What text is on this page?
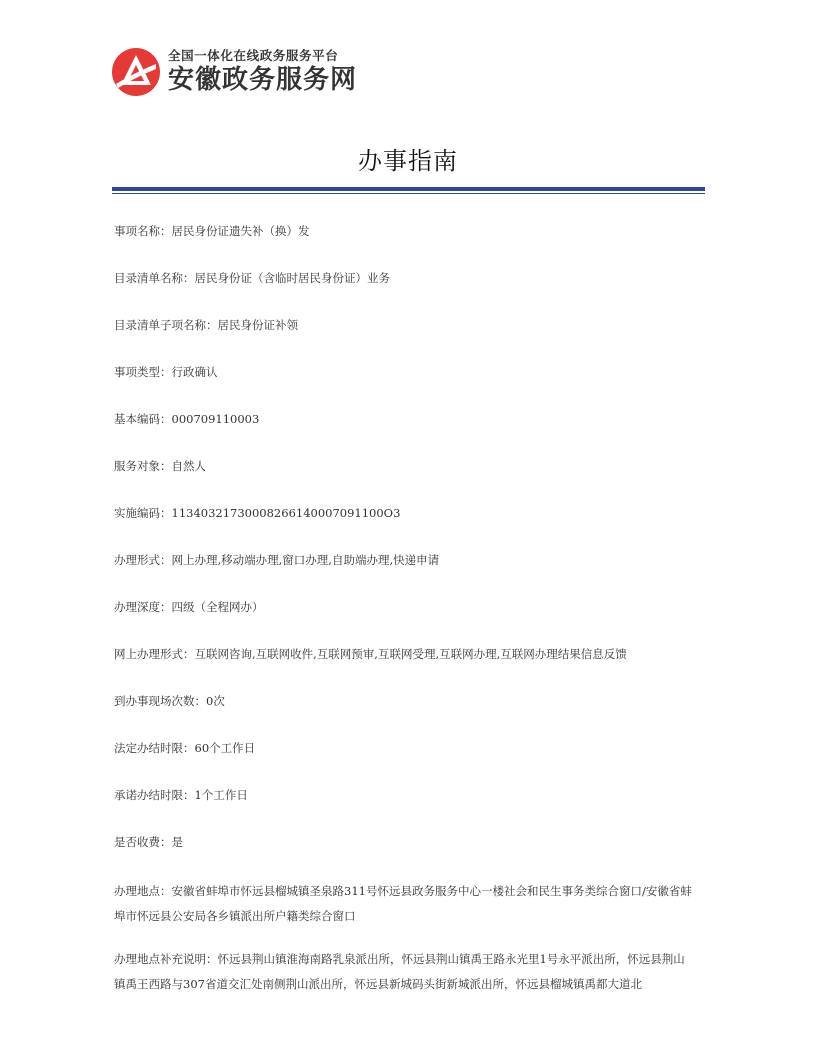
全国一体化在线政务服务平台
安徽政务服务网
办事指南
事项名称：居民身份证遗失补（换）发
目录清单名称：居民身份证（含临时居民身份证）业务
目录清单子项名称：居民身份证补领
事项类型：行政确认
基本编码：000709110003
服务对象：自然人
实施编码：11340321730008266140007091100O3
办理形式：网上办理,移动端办理,窗口办理,自助端办理,快递申请
办理深度：四级（全程网办）
网上办理形式：互联网咨询,互联网收件,互联网预审,互联网受理,互联网办理,互联网办理结果信息反馈
到办事现场次数：0次
法定办结时限：60个工作日
承诺办结时限：1个工作日
是否收费：是
办理地点：安徽省蚌埠市怀远县榴城镇圣泉路311号怀远县政务服务中心一楼社会和民生事务类综合窗口/安徽省蚌埠市怀远县公安局各乡镇派出所户籍类综合窗口
办理地点补充说明：怀远县荆山镇淮海南路乳泉派出所，怀远县荆山镇禹王路永光里1号永平派出所，怀远县荆山镇禹王西路与307省道交汇处南侧荆山派出所，怀远县新城码头街新城派出所，怀远县榴城镇禹都大道北
